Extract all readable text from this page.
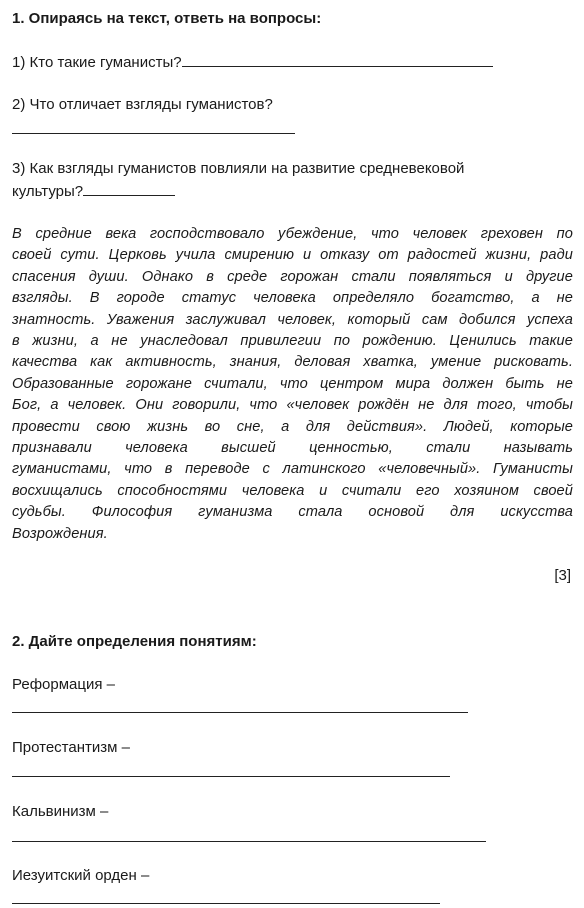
1. Опираясь на текст, ответь на вопросы:
1) Кто такие гуманисты?
2) Что отличает взгляды гуманистов?
3) Как взгляды гуманистов повлияли на развитие средневековой
культуры?
В средние века господствовало убеждение, что человек греховен по
своей сути. Церковь учила смирению и отказу от радостей жизни, ради
спасения души. Однако в среде горожан стали появляться и другие
взгляды. В городе статус человека определяло богатство, а не
знатность. Уважения заслуживал человек, который сам добился успеха
в жизни, а не унаследовал привилегии по рождению. Ценились такие
качества как активность, знания, деловая хватка, умение рисковать.
Образованные горожане считали, что центром мира должен быть не
Бог, а человек. Они говорили, что «человек рождён не для того, чтобы
провести свою жизнь во сне, а для действия». Людей, которые
признавали человека высшей ценностью, стали называть
гуманистами, что в переводе с латинского «человечный». Гуманисты
восхищались способностями человека и считали его хозяином своей
судьбы. Философия гуманизма стала основой для искусства
Возрождения.
[3]
2. Дайте определения понятиям:
Реформация –
Протестантизм –
Кальвинизм –
Иезуитский орден –
